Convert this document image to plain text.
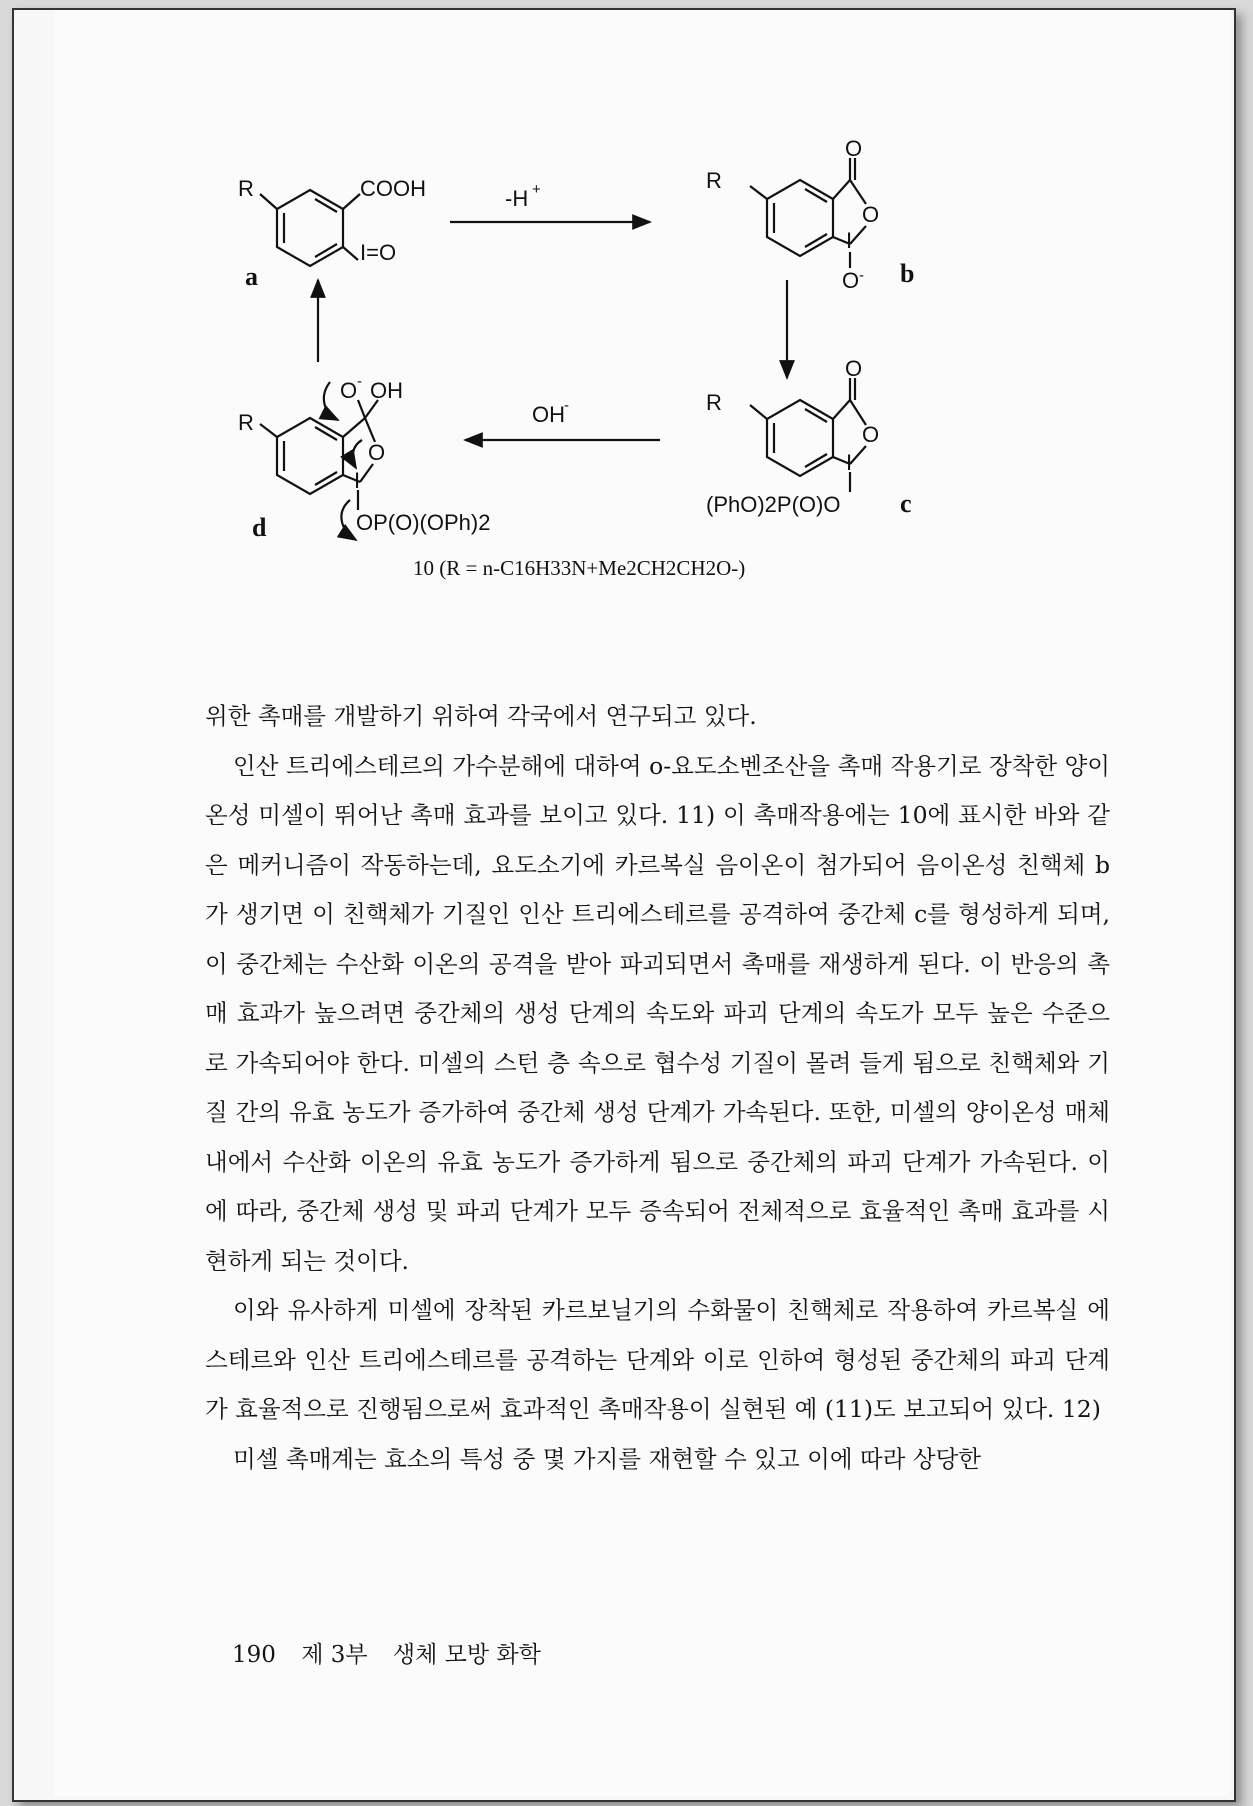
R	COOH
I=O
a
-H +	R
O
O
I
O - b
OH -	R
O
O
I
(PhO)2P(O)O c
R
O - OH
O
I
OP(O)(OPh)2
d
10 (R = n-C16H33N+Me2CH2CH2O-)

위한 촉매를 개발하기 위하여 각국에서 연구되고 있다.

인산 트리에스테르의 가수분해에 대하여 o-요도소벤조산을 촉매 작용기로 장착한 양이온성 미셀이 뛰어난 촉매 효과를 보이고 있다. 11) 이 촉매작용에는 10에 표시한 바와 같은 메커니즘이 작동하는데, 요도소기에 카르복실 음이온이 첨가되어 음이온성 친핵체 b가 생기면 이 친핵체가 기질인 인산 트리에스테르를 공격하여 중간체 c를 형성하게 되며, 이 중간체는 수산화 이온의 공격을 받아 파괴되면서 촉매를 재생하게 된다. 이 반응의 촉매 효과가 높으려면 중간체의 생성 단계의 속도와 파괴 단계의 속도가 모두 높은 수준으로 가속되어야 한다. 미셀의 스턴 층 속으로 협수성 기질이 몰려 들게 됨으로 친핵체와 기질 간의 유효 농도가 증가하여 중간체 생성 단계가 가속된다. 또한, 미셀의 양이온성 매체내에서 수산화 이온의 유효 농도가 증가하게 됨으로 중간체의 파괴 단계가 가속된다. 이에 따라, 중간체 생성 및 파괴 단계가 모두 증속되어 전체적으로 효율적인 촉매 효과를 시현하게 되는 것이다.

이와 유사하게 미셀에 장착된 카르보닐기의 수화물이 친핵체로 작용하여 카르복실 에스테르와 인산 트리에스테르를 공격하는 단계와 이로 인하여 형성된 중간체의 파괴 단계가 효율적으로 진행됨으로써 효과적인 촉매작용이 실현된 예 (11)도 보고되어 있다. 12)

미셀 촉매계는 효소의 특성 중 몇 가지를 재현할 수 있고 이에 따라 상당한

190 제 3부 생체 모방 화학
